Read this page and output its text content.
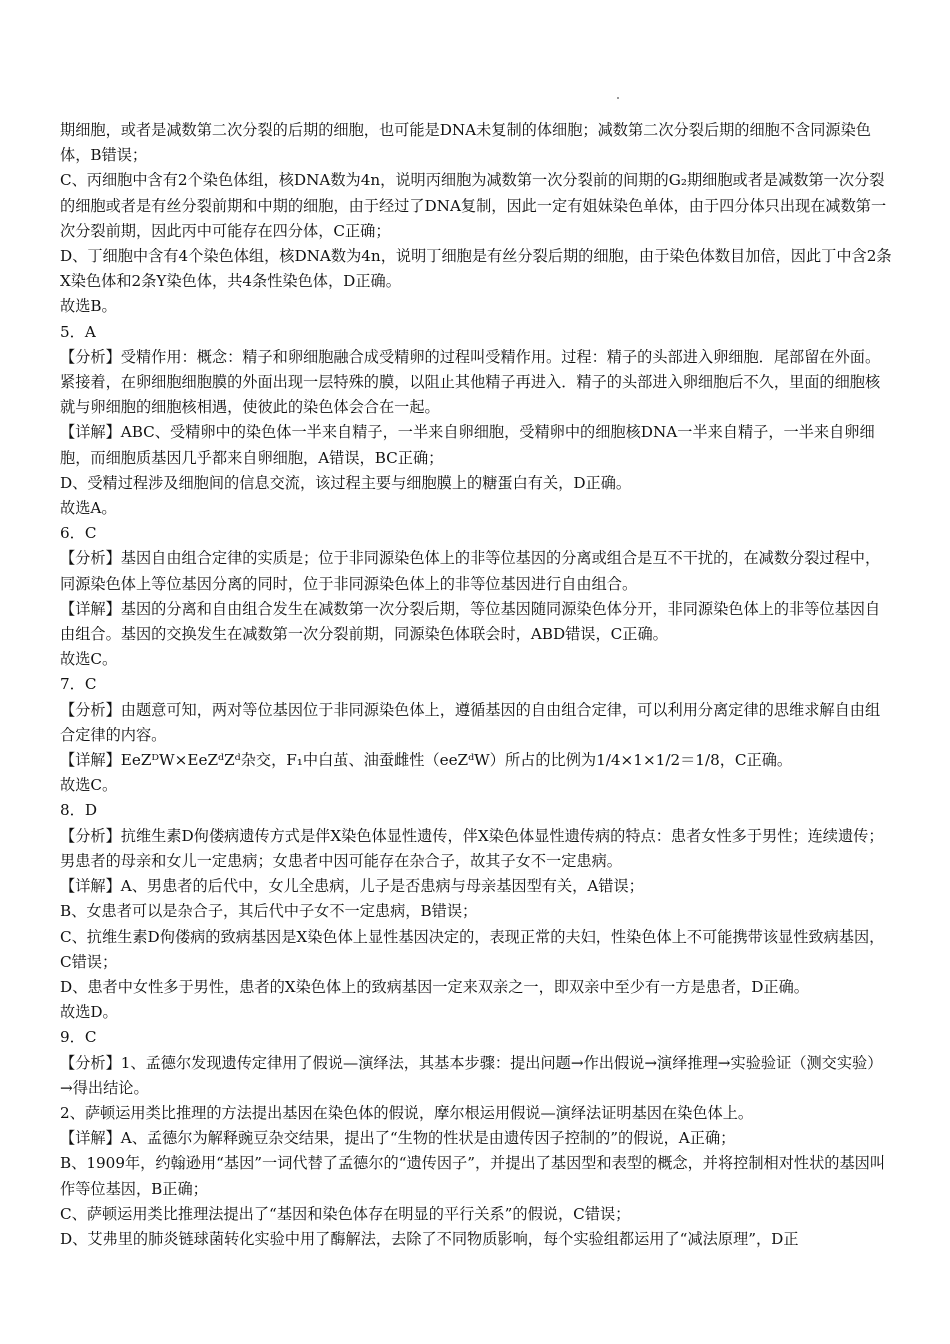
期细胞，或者是减数第二次分裂的后期的细胞，也可能是DNA未复制的体细胞；减数第二次分裂后期的细胞不含同源染色体，B错误；

C、丙细胞中含有2个染色体组，核DNA数为4n，说明丙细胞为减数第一次分裂前的间期的G₂期细胞或者是减数第一次分裂的细胞或者是有丝分裂前期和中期的细胞，由于经过了DNA复制，因此一定有姐妹染色单体，由于四分体只出现在减数第一次分裂前期，因此丙中可能存在四分体，C正确；

D、丁细胞中含有4个染色体组，核DNA数为4n，说明丁细胞是有丝分裂后期的细胞，由于染色体数目加倍，因此丁中含2条X染色体和2条Y染色体，共4条性染色体，D正确。

故选B。

5．A

【分析】受精作用：概念：精子和卵细胞融合成受精卵的过程叫受精作用。过程：精子的头部进入卵细胞．尾部留在外面。紧接着，在卵细胞细胞膜的外面出现一层特殊的膜，以阻止其他精子再进入．精子的头部进入卵细胞后不久，里面的细胞核就与卵细胞的细胞核相遇，使彼此的染色体会合在一起。

【详解】ABC、受精卵中的染色体一半来自精子，一半来自卵细胞，受精卵中的细胞核DNA一半来自精子，一半来自卵细胞，而细胞质基因几乎都来自卵细胞，A错误，BC正确；

D、受精过程涉及细胞间的信息交流，该过程主要与细胞膜上的糖蛋白有关，D正确。

故选A。

6．C

【分析】基因自由组合定律的实质是；位于非同源染色体上的非等位基因的分离或组合是互不干扰的，在减数分裂过程中，同源染色体上等位基因分离的同时，位于非同源染色体上的非等位基因进行自由组合。

【详解】基因的分离和自由组合发生在减数第一次分裂后期，等位基因随同源染色体分开，非同源染色体上的非等位基因自由组合。基因的交换发生在减数第一次分裂前期，同源染色体联会时，ABD错误，C正确。

故选C。

7．C

【分析】由题意可知，两对等位基因位于非同源染色体上，遵循基因的自由组合定律，可以利用分离定律的思维求解自由组合定律的内容。

【详解】EeZᴰW×EeZᵈZᵈ杂交，F₁中白茧、油蚕雌性（eeZᵈW）所占的比例为1/4×1×1/2＝1/8，C正确。

故选C。

8．D

【分析】抗维生素D佝偻病遗传方式是伴X染色体显性遗传，伴X染色体显性遗传病的特点：患者女性多于男性；连续遗传；男患者的母亲和女儿一定患病；女患者中因可能存在杂合子，故其子女不一定患病。

【详解】A、男患者的后代中，女儿全患病，儿子是否患病与母亲基因型有关，A错误；

B、女患者可以是杂合子，其后代中子女不一定患病，B错误；

C、抗维生素D佝偻病的致病基因是X染色体上显性基因决定的，表现正常的夫妇，性染色体上不可能携带该显性致病基因，C错误；

D、患者中女性多于男性，患者的X染色体上的致病基因一定来双亲之一，即双亲中至少有一方是患者，D正确。

故选D。

9．C

【分析】1、孟德尔发现遗传定律用了假说—演绎法，其基本步骤：提出问题→作出假说→演绎推理→实验验证（测交实验）→得出结论。

2、萨顿运用类比推理的方法提出基因在染色体的假说，摩尔根运用假说—演绎法证明基因在染色体上。

【详解】A、孟德尔为解释豌豆杂交结果，提出了“生物的性状是由遗传因子控制的”的假说，A正确；

B、1909年，约翰逊用“基因”一词代替了孟德尔的“遗传因子”，并提出了基因型和表型的概念，并将控制相对性状的基因叫作等位基因，B正确；

C、萨顿运用类比推理法提出了“基因和染色体存在明显的平行关系”的假说，C错误；

D、艾弗里的肺炎链球菌转化实验中用了酶解法，去除了不同物质影响，每个实验组都运用了“减法原理”，D正
